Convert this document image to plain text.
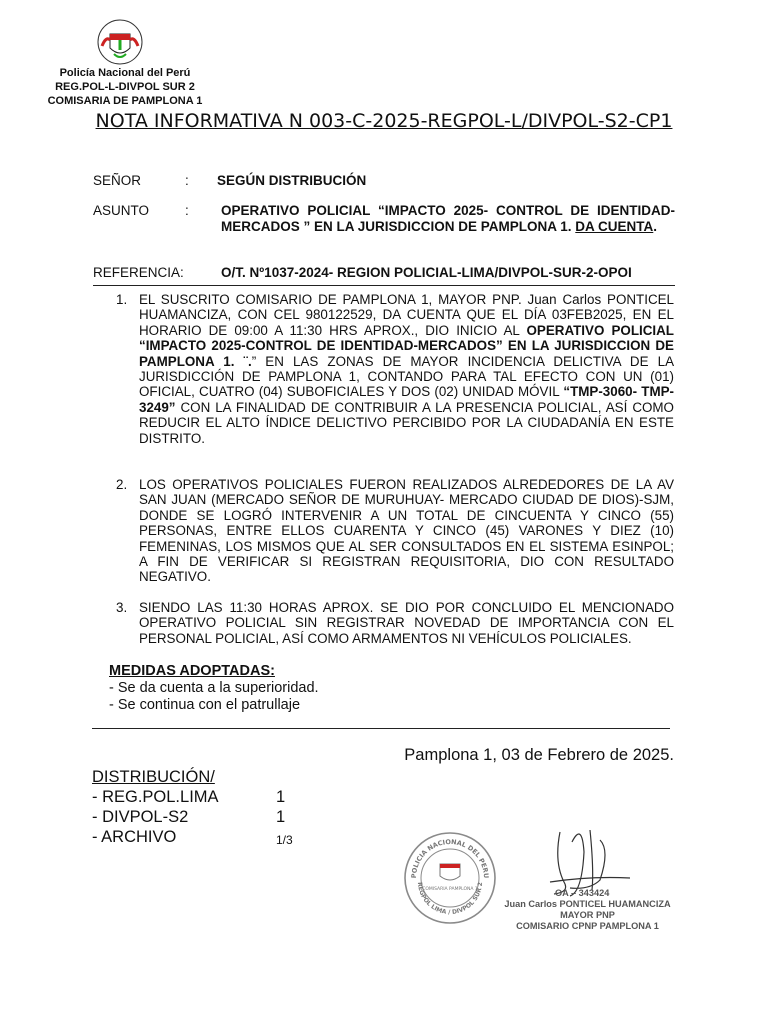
Policía Nacional del Perú
REG.POL-L-DIVPOL SUR 2
COMISARIA DE PAMPLONA 1
NOTA INFORMATIVA N 003-C-2025-REGPOL-L/DIVPOL-S2-CP1
SEÑOR	: SEGÚN DISTRIBUCIÓN
ASUNTO	: OPERATIVO POLICIAL “IMPACTO 2025- CONTROL DE IDENTIDAD-MERCADOS ” EN LA JURISDICCION DE PAMPLONA 1. DA CUENTA.
REFERENCIA:	O/T. Nº1037-2024- REGION POLICIAL-LIMA/DIVPOL-SUR-2-OPOI
1. EL SUSCRITO COMISARIO DE PAMPLONA 1, MAYOR PNP. Juan Carlos PONTICEL HUAMANCIZA, CON CEL 980122529, DA CUENTA QUE EL DÍA 03FEB2025, EN EL HORARIO DE 09:00 A 11:30 HRS APROX., DIO INICIO AL OPERATIVO POLICIAL “IMPACTO 2025-CONTROL DE IDENTIDAD-MERCADOS” EN LA JURISDICCION DE PAMPLONA 1. ¨.” EN LAS ZONAS DE MAYOR INCIDENCIA DELICTIVA DE LA JURISDICCIÓN DE PAMPLONA 1, CONTANDO PARA TAL EFECTO CON UN (01) OFICIAL, CUATRO (04) SUBOFICIALES Y DOS (02) UNIDAD MÓVIL “TMP-3060- TMP-3249” CON LA FINALIDAD DE CONTRIBUIR A LA PRESENCIA POLICIAL, ASÍ COMO REDUCIR EL ALTO ÍNDICE DELICTIVO PERCIBIDO POR LA CIUDADANÍA EN ESTE DISTRITO.
2. LOS OPERATIVOS POLICIALES FUERON REALIZADOS ALREDEDORES DE LA AV SAN JUAN (MERCADO SEÑOR DE MURUHUAY- MERCADO CIUDAD DE DIOS)-SJM, DONDE SE LOGRÓ INTERVENIR A UN TOTAL DE CINCUENTA Y CINCO (55) PERSONAS, ENTRE ELLOS CUARENTA Y CINCO (45) VARONES Y DIEZ (10) FEMENINAS, LOS MISMOS QUE AL SER CONSULTADOS EN EL SISTEMA ESINPOL; A FIN DE VERIFICAR SI REGISTRAN REQUISITORIA, DIO CON RESULTADO NEGATIVO.
3. SIENDO LAS 11:30 HORAS APROX. SE DIO POR CONCLUIDO EL MENCIONADO OPERATIVO POLICIAL SIN REGISTRAR NOVEDAD DE IMPORTANCIA CON EL PERSONAL POLICIAL, ASÍ COMO ARMAMENTOS NI VEHÍCULOS POLICIALES.
MEDIDAS ADOPTADAS:
- Se da cuenta a la superioridad.
- Se continua con el patrullaje
Pamplona 1, 03 de Febrero de 2025.
DISTRIBUCIÓN/
- REG.POL.LIMA	1
- DIVPOL-S2	1
- ARCHIVO	1/3
POLICIA NACIONAL DEL PERU
REGPOL LIMA / DIVPOL SUR 2
COMISARIA PAMPLONA 1	OA – 343424
Juan Carlos PONTICEL HUAMANCIZA
MAYOR PNP
COMISARIO CPNP PAMPLONA 1
